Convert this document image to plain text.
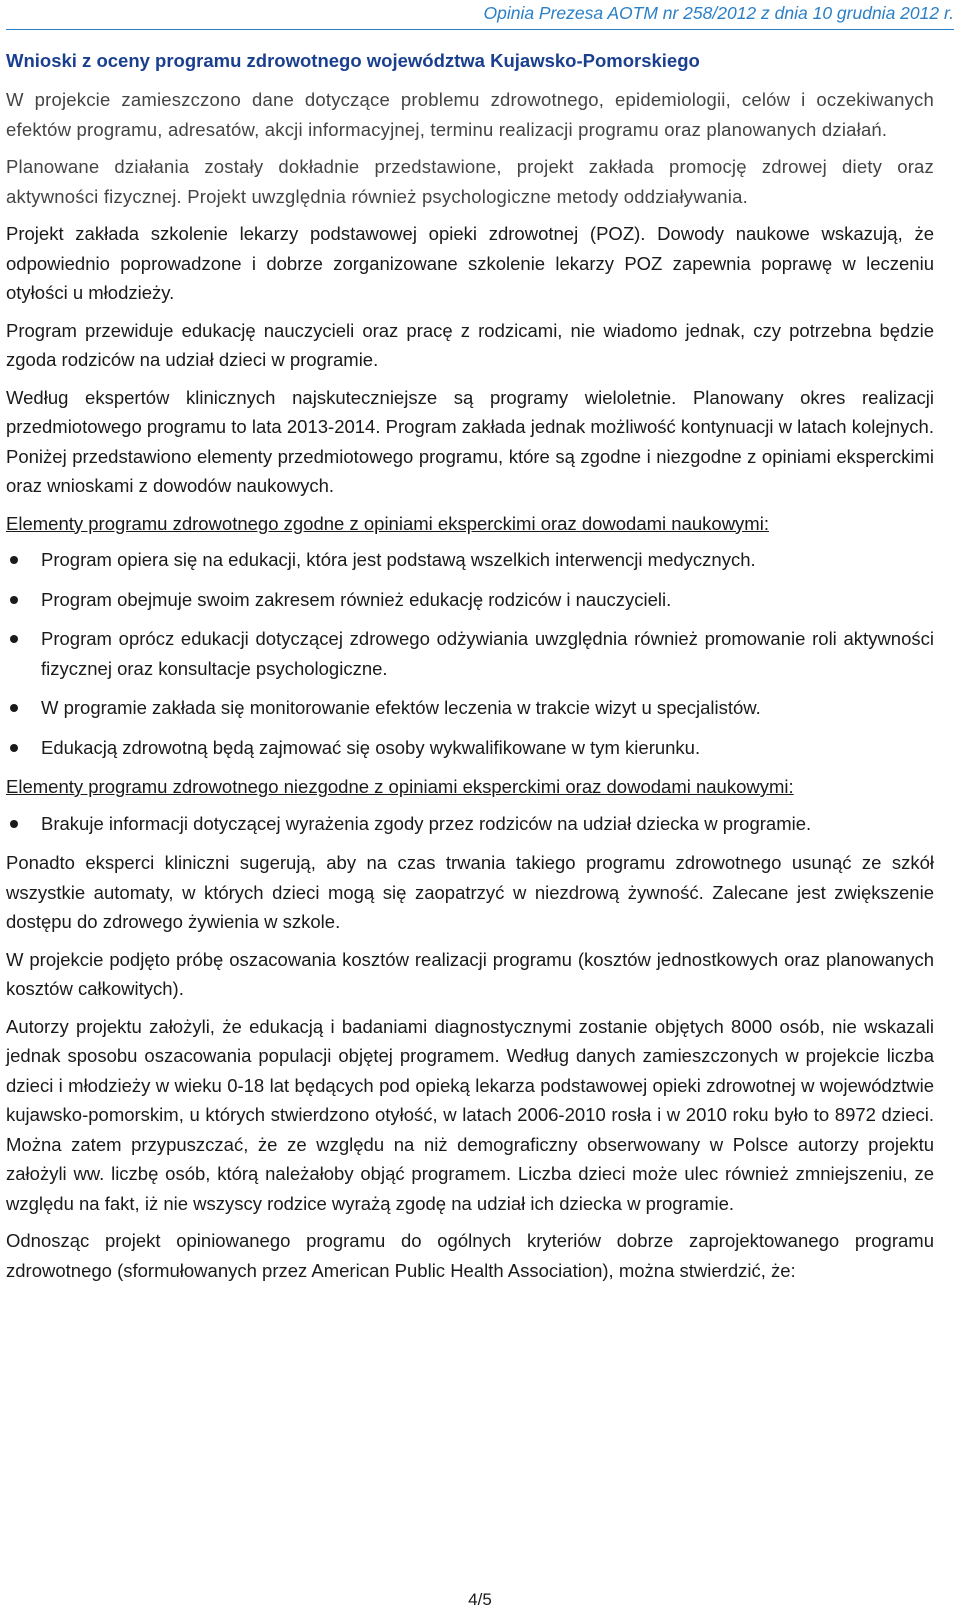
Opinia Prezesa AOTM nr 258/2012 z dnia 10 grudnia 2012 r.
Wnioski z oceny programu zdrowotnego województwa Kujawsko-Pomorskiego

W projekcie zamieszczono dane dotyczące problemu zdrowotnego, epidemiologii, celów i oczekiwanych efektów programu, adresatów, akcji informacyjnej, terminu realizacji programu oraz planowanych działań.

Planowane działania zostały dokładnie przedstawione, projekt zakłada promocję zdrowej diety oraz aktywności fizycznej. Projekt uwzględnia również psychologiczne metody oddziaływania.

Projekt zakłada szkolenie lekarzy podstawowej opieki zdrowotnej (POZ). Dowody naukowe wskazują, że odpowiednio poprowadzone i dobrze zorganizowane szkolenie lekarzy POZ zapewnia poprawę w leczeniu otyłości u młodzieży.

Program przewiduje edukację nauczycieli oraz pracę z rodzicami, nie wiadomo jednak, czy potrzebna będzie zgoda rodziców na udział dzieci w programie.

Według ekspertów klinicznych najskuteczniejsze są programy wieloletnie. Planowany okres realizacji przedmiotowego programu to lata 2013-2014. Program zakłada jednak możliwość kontynuacji w latach kolejnych. Poniżej przedstawiono elementy przedmiotowego programu, które są zgodne i niezgodne z opiniami eksperckimi oraz wnioskami z dowodów naukowych.

Elementy programu zdrowotnego zgodne z opiniami eksperckimi oraz dowodami naukowymi:

Program opiera się na edukacji, która jest podstawą wszelkich interwencji medycznych.
Program obejmuje swoim zakresem również edukację rodziców i nauczycieli.
Program oprócz edukacji dotyczącej zdrowego odżywiania uwzględnia również promowanie roli aktywności fizycznej oraz konsultacje psychologiczne.
W programie zakłada się monitorowanie efektów leczenia w trakcie wizyt u specjalistów.
Edukacją zdrowotną będą zajmować się osoby wykwalifikowane w tym kierunku.

Elementy programu zdrowotnego niezgodne z opiniami eksperckimi oraz dowodami naukowymi:

Brakuje informacji dotyczącej wyrażenia zgody przez rodziców na udział dziecka w programie.

Ponadto eksperci kliniczni sugerują, aby na czas trwania takiego programu zdrowotnego usunąć ze szkół wszystkie automaty, w których dzieci mogą się zaopatrzyć w niezdrową żywność. Zalecane jest zwiększenie dostępu do zdrowego żywienia w szkole.

W projekcie podjęto próbę oszacowania kosztów realizacji programu (kosztów jednostkowych oraz planowanych kosztów całkowitych).

Autorzy projektu założyli, że edukacją i badaniami diagnostycznymi zostanie objętych 8000 osób, nie wskazali jednak sposobu oszacowania populacji objętej programem. Według danych zamieszczonych w projekcie liczba dzieci i młodzieży w wieku 0-18 lat będących pod opieką lekarza podstawowej opieki zdrowotnej w województwie kujawsko-pomorskim, u których stwierdzono otyłość, w latach 2006-2010 rosła i w 2010 roku było to 8972 dzieci. Można zatem przypuszczać, że ze względu na niż demograficzny obserwowany w Polsce autorzy projektu założyli ww. liczbę osób, którą należałoby objąć programem. Liczba dzieci może ulec również zmniejszeniu, ze względu na fakt, iż nie wszyscy rodzice wyrażą zgodę na udział ich dziecka w programie.

Odnosząc projekt opiniowanego programu do ogólnych kryteriów dobrze zaprojektowanego programu zdrowotnego (sformułowanych przez American Public Health Association), można stwierdzić, że:

4/5
